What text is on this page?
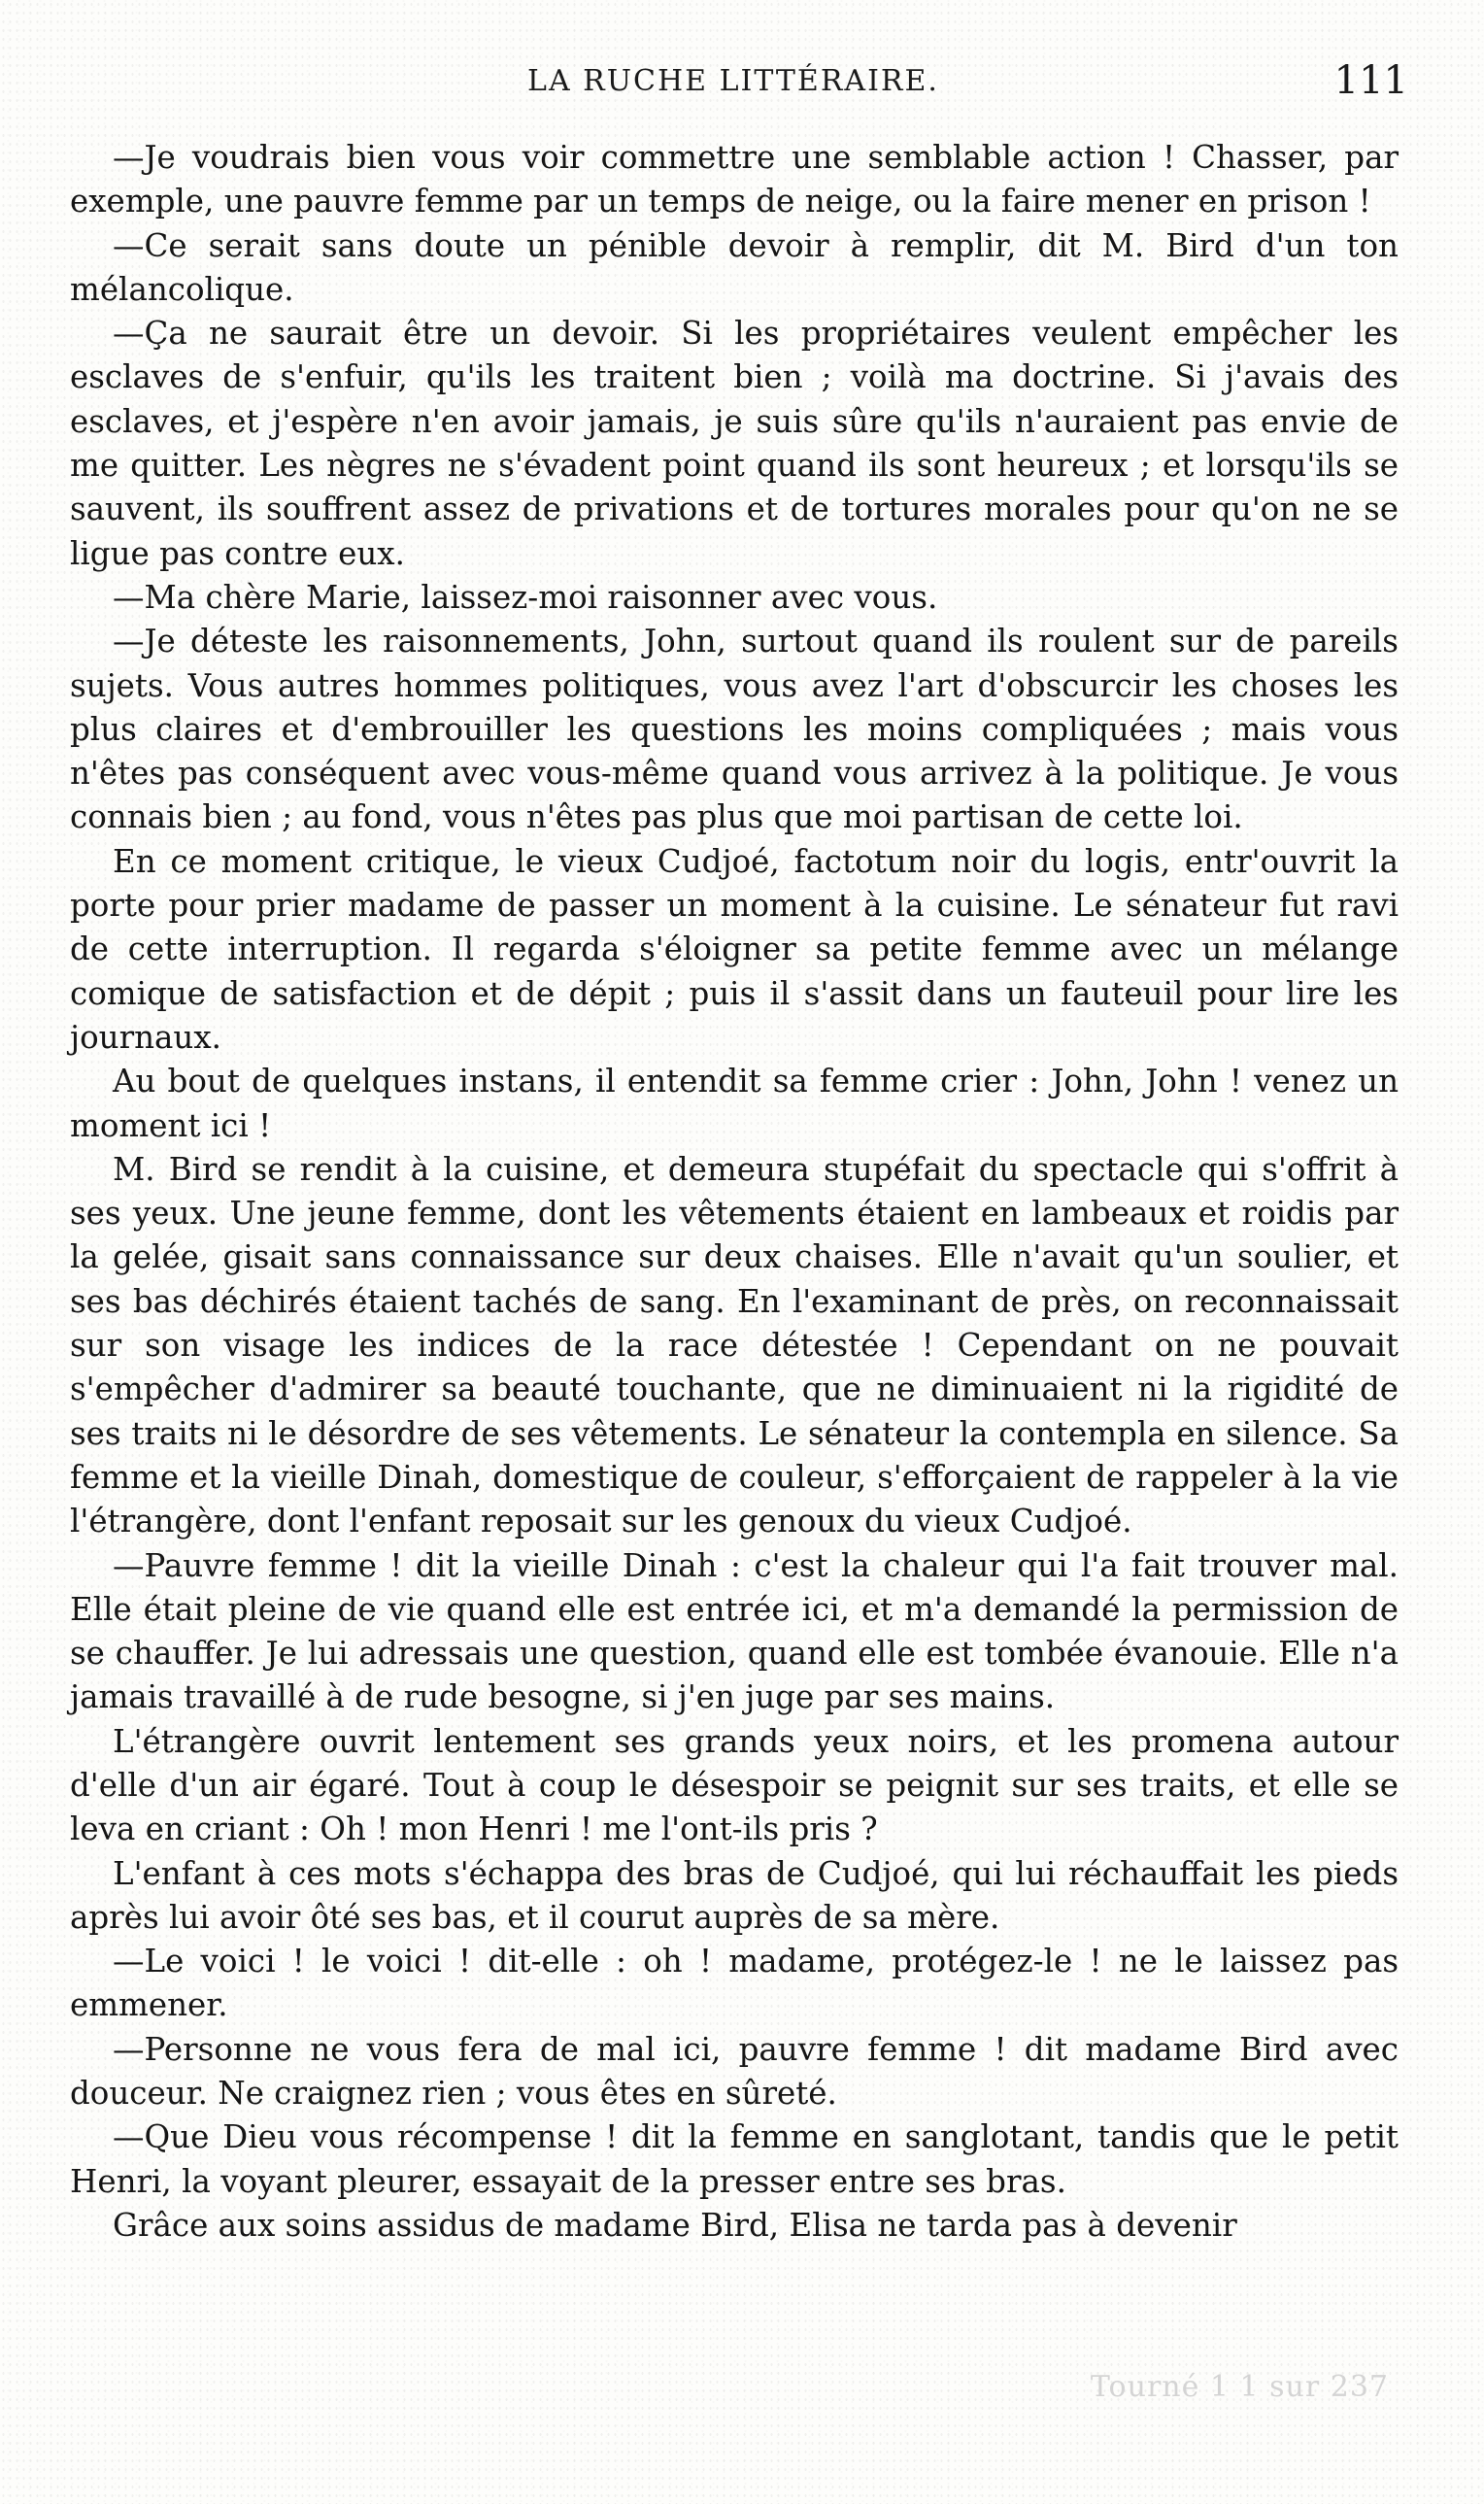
LA RUCHE LITTÉRAIRE.	111

—Je voudrais bien vous voir commettre une semblable action ! Chasser, par exemple, une pauvre femme par un temps de neige, ou la faire mener en prison !

—Ce serait sans doute un pénible devoir à remplir, dit M. Bird d'un ton mélancolique.

—Ça ne saurait être un devoir. Si les propriétaires veulent empêcher les esclaves de s'enfuir, qu'ils les traitent bien ; voilà ma doctrine. Si j'avais des esclaves, et j'espère n'en avoir jamais, je suis sûre qu'ils n'auraient pas envie de me quitter. Les nègres ne s'évadent point quand ils sont heureux ; et lorsqu'ils se sauvent, ils souffrent assez de privations et de tortures morales pour qu'on ne se ligue pas contre eux.

—Ma chère Marie, laissez-moi raisonner avec vous.

—Je déteste les raisonnements, John, surtout quand ils roulent sur de pareils sujets. Vous autres hommes politiques, vous avez l'art d'obscurcir les choses les plus claires et d'embrouiller les questions les moins compliquées ; mais vous n'êtes pas conséquent avec vous-même quand vous arrivez à la politique. Je vous connais bien ; au fond, vous n'êtes pas plus que moi partisan de cette loi.

En ce moment critique, le vieux Cudjoé, factotum noir du logis, entr'ouvrit la porte pour prier madame de passer un moment à la cuisine. Le sénateur fut ravi de cette interruption. Il regarda s'éloigner sa petite femme avec un mélange comique de satisfaction et de dépit ; puis il s'assit dans un fauteuil pour lire les journaux.

Au bout de quelques instans, il entendit sa femme crier : John, John ! venez un moment ici !

M. Bird se rendit à la cuisine, et demeura stupéfait du spectacle qui s'offrit à ses yeux. Une jeune femme, dont les vêtements étaient en lambeaux et roidis par la gelée, gisait sans connaissance sur deux chaises. Elle n'avait qu'un soulier, et ses bas déchirés étaient tachés de sang. En l'examinant de près, on reconnaissait sur son visage les indices de la race détestée ! Cependant on ne pouvait s'empêcher d'admirer sa beauté touchante, que ne diminuaient ni la rigidité de ses traits ni le désordre de ses vêtements. Le sénateur la contempla en silence. Sa femme et la vieille Dinah, domestique de couleur, s'efforçaient de rappeler à la vie l'étrangère, dont l'enfant reposait sur les genoux du vieux Cudjoé.

—Pauvre femme ! dit la vieille Dinah : c'est la chaleur qui l'a fait trouver mal. Elle était pleine de vie quand elle est entrée ici, et m'a demandé la permission de se chauffer. Je lui adressais une question, quand elle est tombée évanouie. Elle n'a jamais travaillé à de rude besogne, si j'en juge par ses mains.

L'étrangère ouvrit lentement ses grands yeux noirs, et les promena autour d'elle d'un air égaré. Tout à coup le désespoir se peignit sur ses traits, et elle se leva en criant : Oh ! mon Henri ! me l'ont-ils pris ?

L'enfant à ces mots s'échappa des bras de Cudjoé, qui lui réchauffait les pieds après lui avoir ôté ses bas, et il courut auprès de sa mère.

—Le voici ! le voici ! dit-elle : oh ! madame, protégez-le ! ne le laissez pas emmener.

—Personne ne vous fera de mal ici, pauvre femme ! dit madame Bird avec douceur. Ne craignez rien ; vous êtes en sûreté.

—Que Dieu vous récompense ! dit la femme en sanglotant, tandis que le petit Henri, la voyant pleurer, essayait de la presser entre ses bras.

Grâce aux soins assidus de madame Bird, Elisa ne tarda pas à devenir

Tourné 1 1 sur 237
